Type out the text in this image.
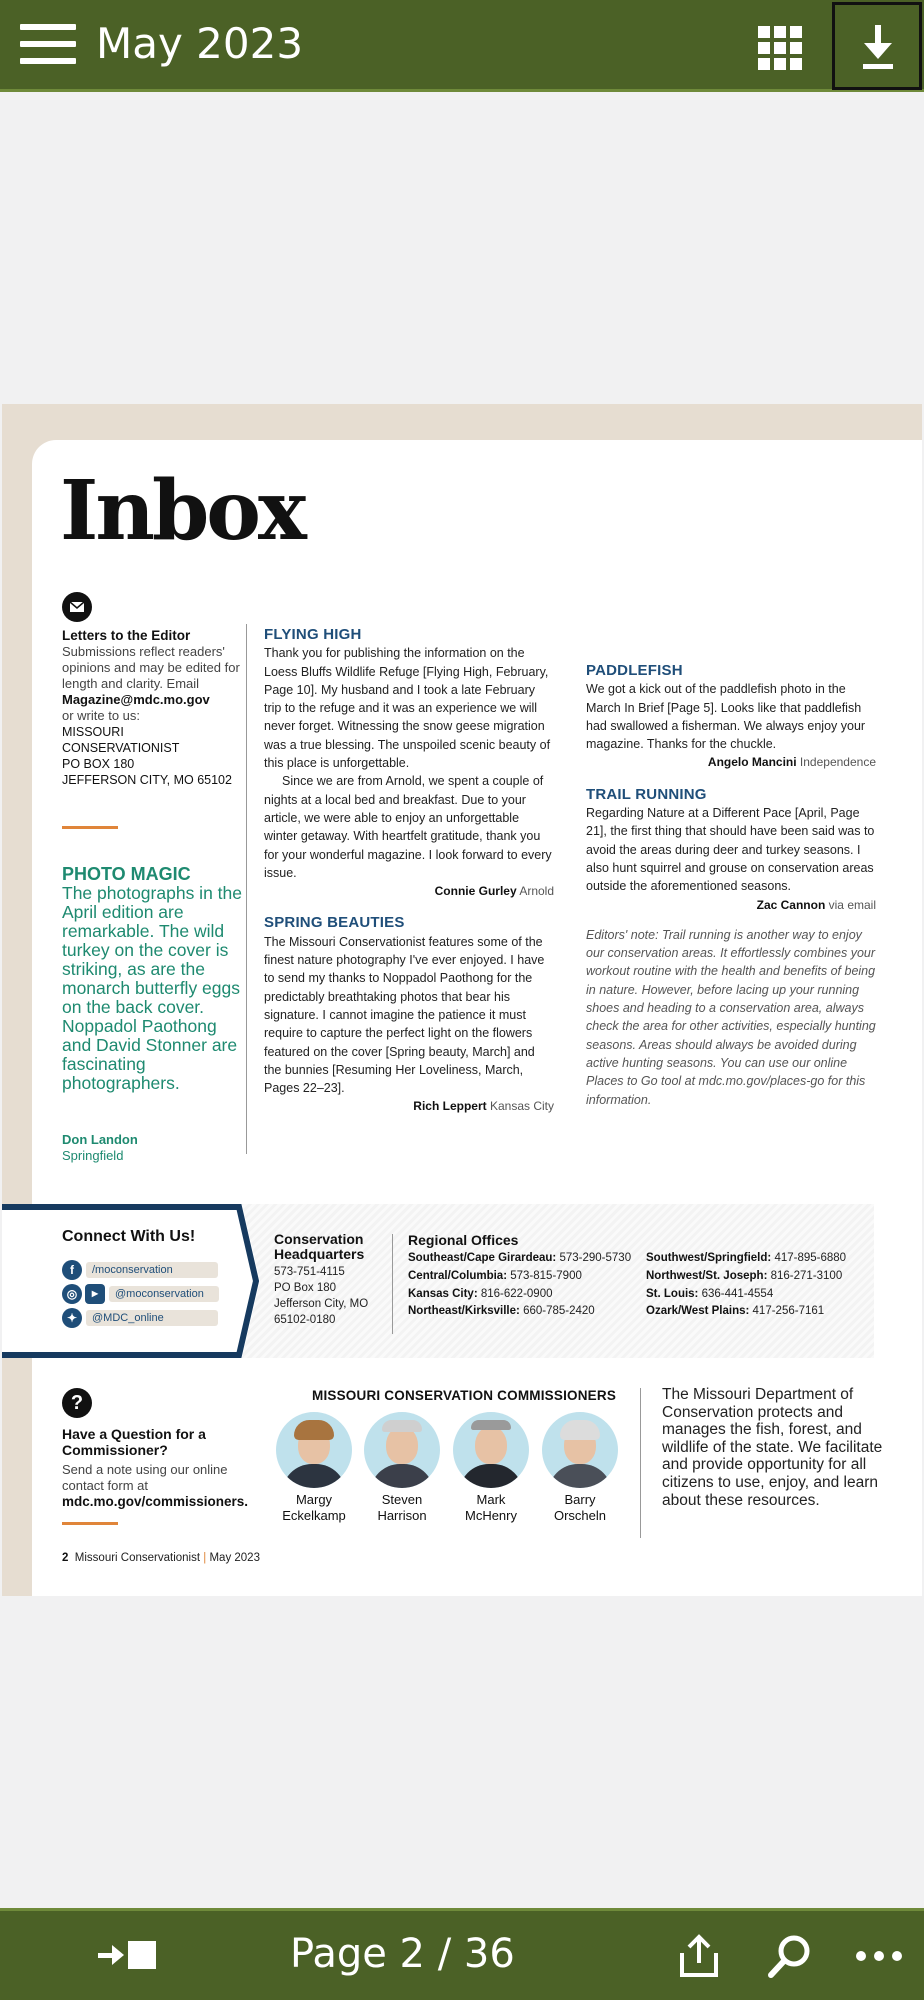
May 2023
Inbox
Letters to the Editor
Submissions reflect readers' opinions and may be edited for length and clarity. Email
Magazine@mdc.mo.gov
or write to us:
MISSOURI
CONSERVATIONIST
PO BOX 180
JEFFERSON CITY, MO 65102
PHOTO MAGIC
The photographs in the April edition are remarkable. The wild turkey on the cover is striking, as are the monarch butterfly eggs on the back cover. Noppadol Paothong and David Stonner are fascinating photographers.
Don Landon
Springfield

FLYING HIGH

Thank you for publishing the information on the Loess Bluffs Wildlife Refuge [Flying High, February, Page 10]. My husband and I took a late February trip to the refuge and it was an experience we will never forget. Witnessing the snow geese migration was a true blessing. The unspoiled scenic beauty of this place is unforgettable.

Since we are from Arnold, we spent a couple of nights at a local bed and breakfast. Due to your article, we were able to enjoy an unforgettable winter getaway. With heartfelt gratitude, thank you for your wonderful magazine. I look forward to every issue.

Connie Gurley Arnold

SPRING BEAUTIES

The Missouri Conservationist features some of the finest nature photography I've ever enjoyed. I have to send my thanks to Noppadol Paothong for the predictably breathtaking photos that bear his signature. I cannot imagine the patience it must require to capture the perfect light on the flowers featured on the cover [Spring beauty, March] and the bunnies [Resuming Her Loveliness, March, Pages 22–23].

Rich Leppert Kansas City

PADDLEFISH

We got a kick out of the paddlefish photo in the March In Brief [Page 5]. Looks like that paddlefish had swallowed a fisherman. We always enjoy your magazine. Thanks for the chuckle.

Angelo Mancini Independence

TRAIL RUNNING

Regarding Nature at a Different Pace [April, Page 21], the first thing that should have been said was to avoid the areas during deer and turkey seasons. I also hunt squirrel and grouse on conservation areas outside the aforementioned seasons.

Zac Cannon via email

Editors' note: Trail running is another way to enjoy our conservation areas. It effortlessly combines your workout routine with the health and benefits of being in nature. However, before lacing up your running shoes and heading to a conservation area, always check the area for other activities, especially hunting seasons. Areas should always be avoided during active hunting seasons. You can use our online Places to Go tool at mdc.mo.gov/places-go for this information.

Connect With Us!
f /moconservation
◎ ▶ @moconservation
✦ @MDC_online
Conservation Headquarters
573-751-4115
PO Box 180
Jefferson City, MO
65102-0180
Regional Offices
Southeast/Cape Girardeau: 573-290-5730	Southwest/Springfield: 417-895-6880
Central/Columbia: 573-815-7900	Northwest/St. Joseph: 816-271-3100
Kansas City: 816-622-0900	St. Louis: 636-441-4554
Northeast/Kirksville: 660-785-2420	Ozark/West Plains: 417-256-7161
?
Have a Question for a Commissioner?
Send a note using our online contact form at
mdc.mo.gov/commissioners.
MISSOURI CONSERVATION COMMISSIONERS
Margy
Eckelkamp
Steven
Harrison
Mark
McHenry
Barry
Orscheln
The Missouri Department of Conservation protects and manages the fish, forest, and wildlife of the state. We facilitate and provide opportunity for all citizens to use, enjoy, and learn about these resources.
2 Missouri Conservationist | May 2023
Page 2 / 36
